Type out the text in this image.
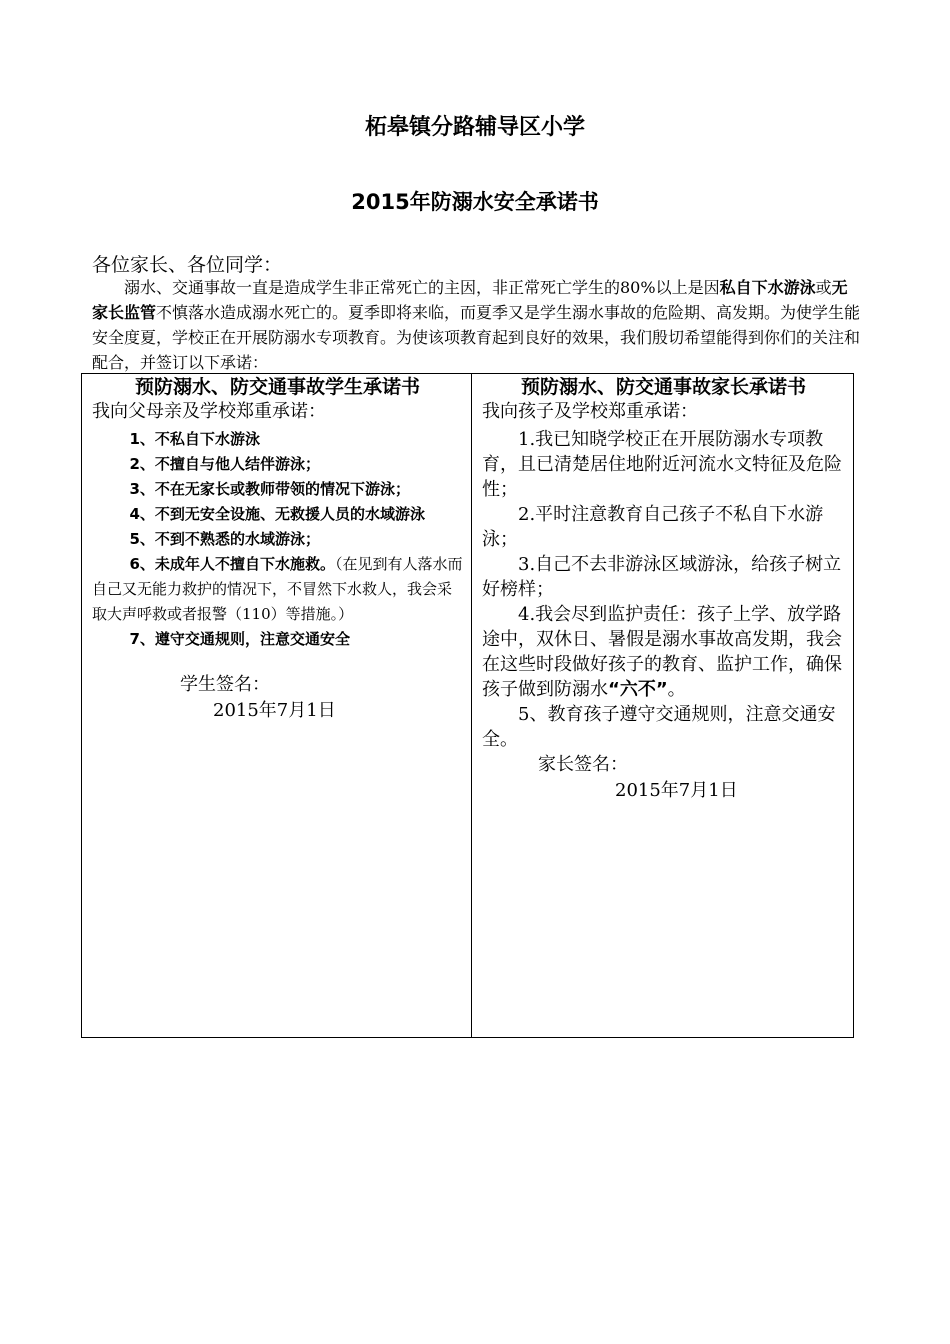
柘皋镇分路辅导区小学
2015年防溺水安全承诺书
各位家长、各位同学：

溺水、交通事故一直是造成学生非正常死亡的主因，非正常死亡学生的80%以上是因私自下水游泳或无家长监管不慎落水造成溺水死亡的。夏季即将来临，而夏季又是学生溺水事故的危险期、高发期。为使学生能安全度夏，学校正在开展防溺水专项教育。为使该项教育起到良好的效果，我们殷切希望能得到你们的关注和配合，并签订以下承诺：

预防溺水、防交通事故学生承诺书
我向父母亲及学校郑重承诺：

1、不私自下水游泳

2、不擅自与他人结伴游泳；

3、不在无家长或教师带领的情况下游泳；

4、不到无安全设施、无救援人员的水域游泳

5、不到不熟悉的水域游泳；

6、未成年人不擅自下水施救。（在见到有人落水而自己又无能力救护的情况下，不冒然下水救人，我会采取大声呼救或者报警（110）等措施。）

7、遵守交通规则，注意交通安全

学生签名：
2015年7月1日

预防溺水、防交通事故家长承诺书
我向孩子及学校郑重承诺：

1.我已知晓学校正在开展防溺水专项教育，且已清楚居住地附近河流水文特征及危险性；

2.平时注意教育自己孩子不私自下水游泳；

3.自己不去非游泳区域游泳，给孩子树立好榜样；

4.我会尽到监护责任：孩子上学、放学路途中，双休日、暑假是溺水事故高发期，我会在这些时段做好孩子的教育、监护工作，确保孩子做到防溺水“六不”。

5、教育孩子遵守交通规则，注意交通安全。

家长签名：
2015年7月1日
